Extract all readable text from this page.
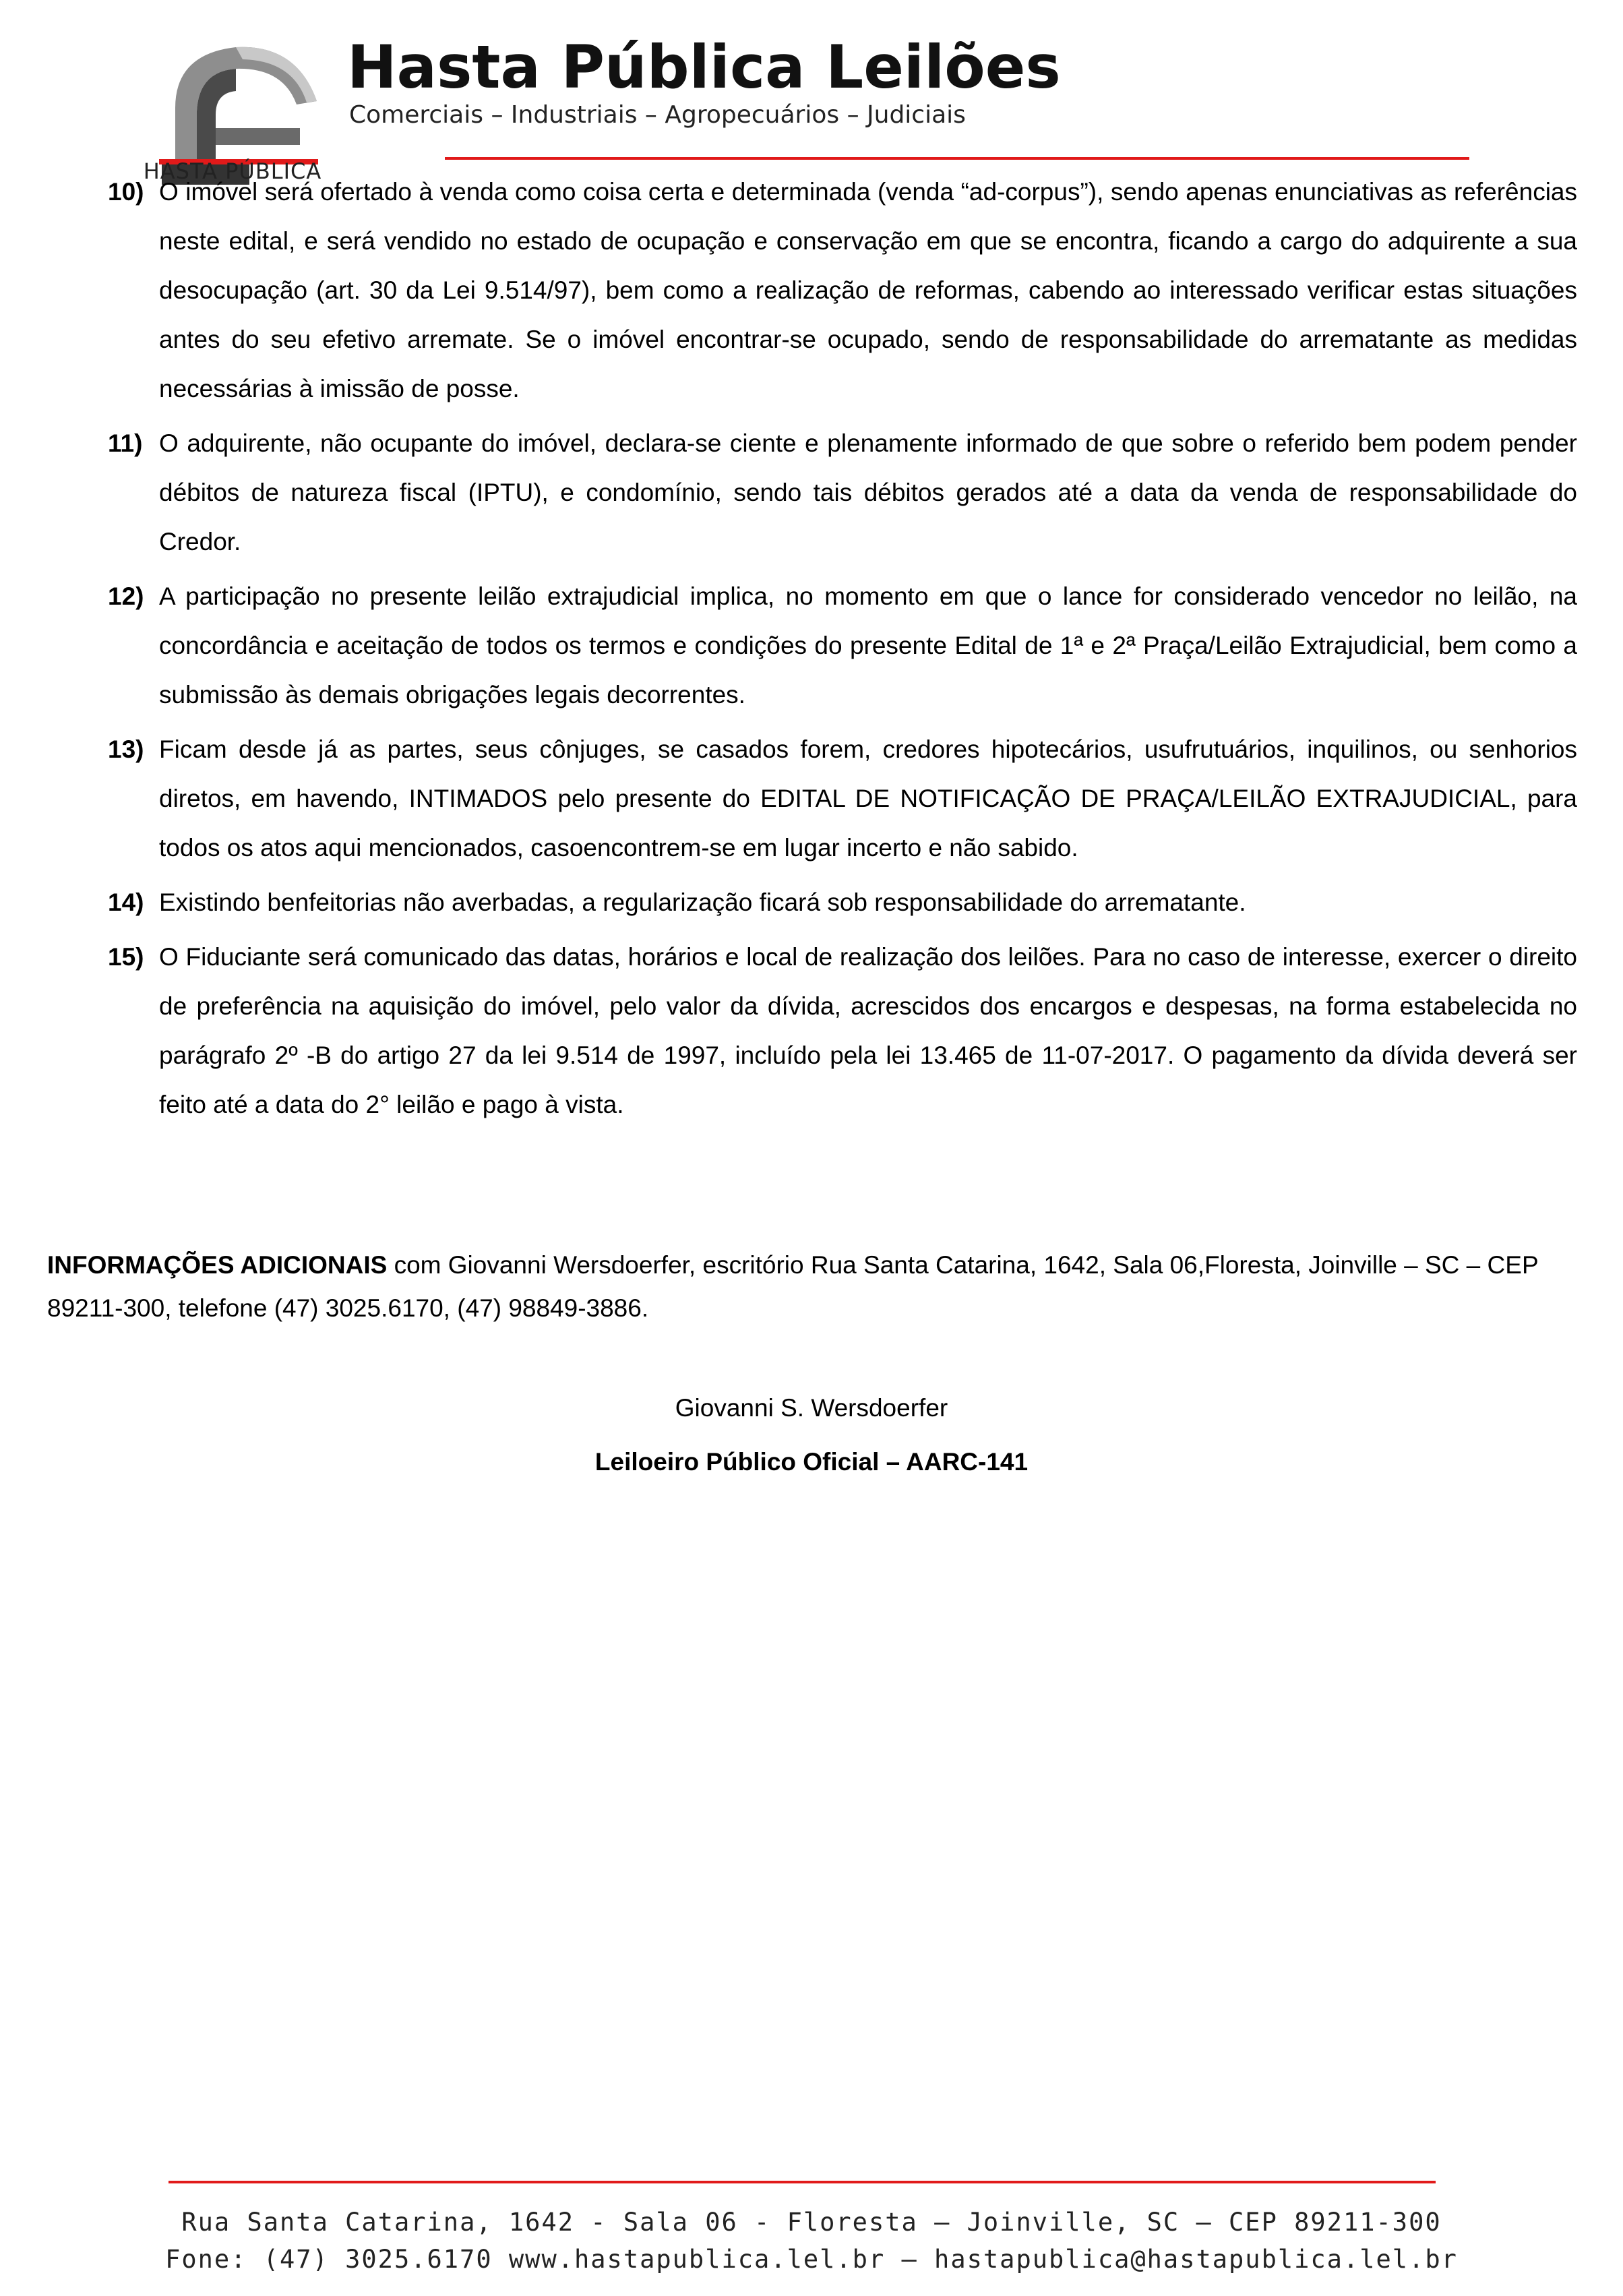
HASTA PÚBLICA
Hasta Pública Leilões
Comerciais – Industriais – Agropecuários – Judiciais
10) O imóvel será ofertado à venda como coisa certa e determinada (venda “ad-corpus”), sendo apenas enunciativas as referências neste edital, e será vendido no estado de ocupação e conservação em que se encontra, ficando a cargo do adquirente a sua desocupação (art. 30 da Lei 9.514/97), bem como a realização de reformas, cabendo ao interessado verificar estas situações antes do seu efetivo arremate. Se o imóvel encontrar-se ocupado, sendo de responsabilidade do arrematante as medidas necessárias à imissão de posse.
11) O adquirente, não ocupante do imóvel, declara-se ciente e plenamente informado de que sobre o referido bem podem pender débitos de natureza fiscal (IPTU), e condomínio, sendo tais débitos gerados até a data da venda de responsabilidade do Credor.
12) A participação no presente leilão extrajudicial implica, no momento em que o lance for considerado vencedor no leilão, na concordância e aceitação de todos os termos e condições do presente Edital de 1ª e 2ª Praça/Leilão Extrajudicial, bem como a submissão às demais obrigações legais decorrentes.
13) Ficam desde já as partes, seus cônjuges, se casados forem, credores hipotecários, usufrutuários, inquilinos, ou senhorios diretos, em havendo, INTIMADOS pelo presente do EDITAL DE NOTIFICAÇÃO DE PRAÇA/LEILÃO EXTRAJUDICIAL, para todos os atos aqui mencionados, casoencontrem-se em lugar incerto e não sabido.
14) Existindo benfeitorias não averbadas, a regularização ficará sob responsabilidade do arrematante.
15) O Fiduciante será comunicado das datas, horários e local de realização dos leilões. Para no caso de interesse, exercer o direito de preferência na aquisição do imóvel, pelo valor da dívida, acrescidos dos encargos e despesas, na forma estabelecida no parágrafo 2º -B do artigo 27 da lei 9.514 de 1997, incluído pela lei 13.465 de 11-07-2017. O pagamento da dívida deverá ser feito até a data do 2° leilão e pago à vista.
INFORMAÇÕES ADICIONAIS com Giovanni Wersdoerfer, escritório Rua Santa Catarina, 1642, Sala 06,Floresta, Joinville – SC – CEP 89211-300, telefone (47) 3025.6170, (47) 98849-3886.
Giovanni S. Wersdoerfer
Leiloeiro Público Oficial – AARC-141
Rua Santa Catarina, 1642 - Sala 06 - Floresta – Joinville, SC – CEP 89211-300
Fone: (47) 3025.6170 www.hastapublica.lel.br – hastapublica@hastapublica.lel.br
